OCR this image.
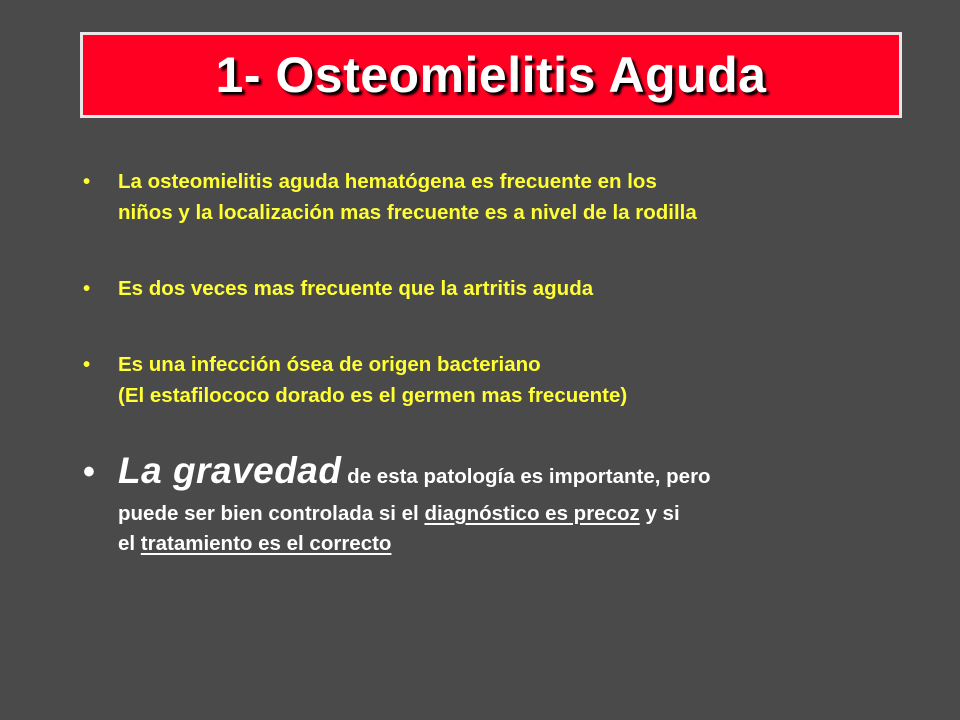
1- Osteomielitis Aguda
• La osteomielitis aguda hematógena es frecuente en los
niños y la localización mas frecuente es a nivel de la rodilla
• Es dos veces mas frecuente que la artritis aguda
• Es una infección ósea de origen bacteriano
(El estafilococo dorado es el germen mas frecuente)
• La gravedad de esta patología es importante, pero
puede ser bien controlada si el diagnóstico es precoz y si
el tratamiento es el correcto
